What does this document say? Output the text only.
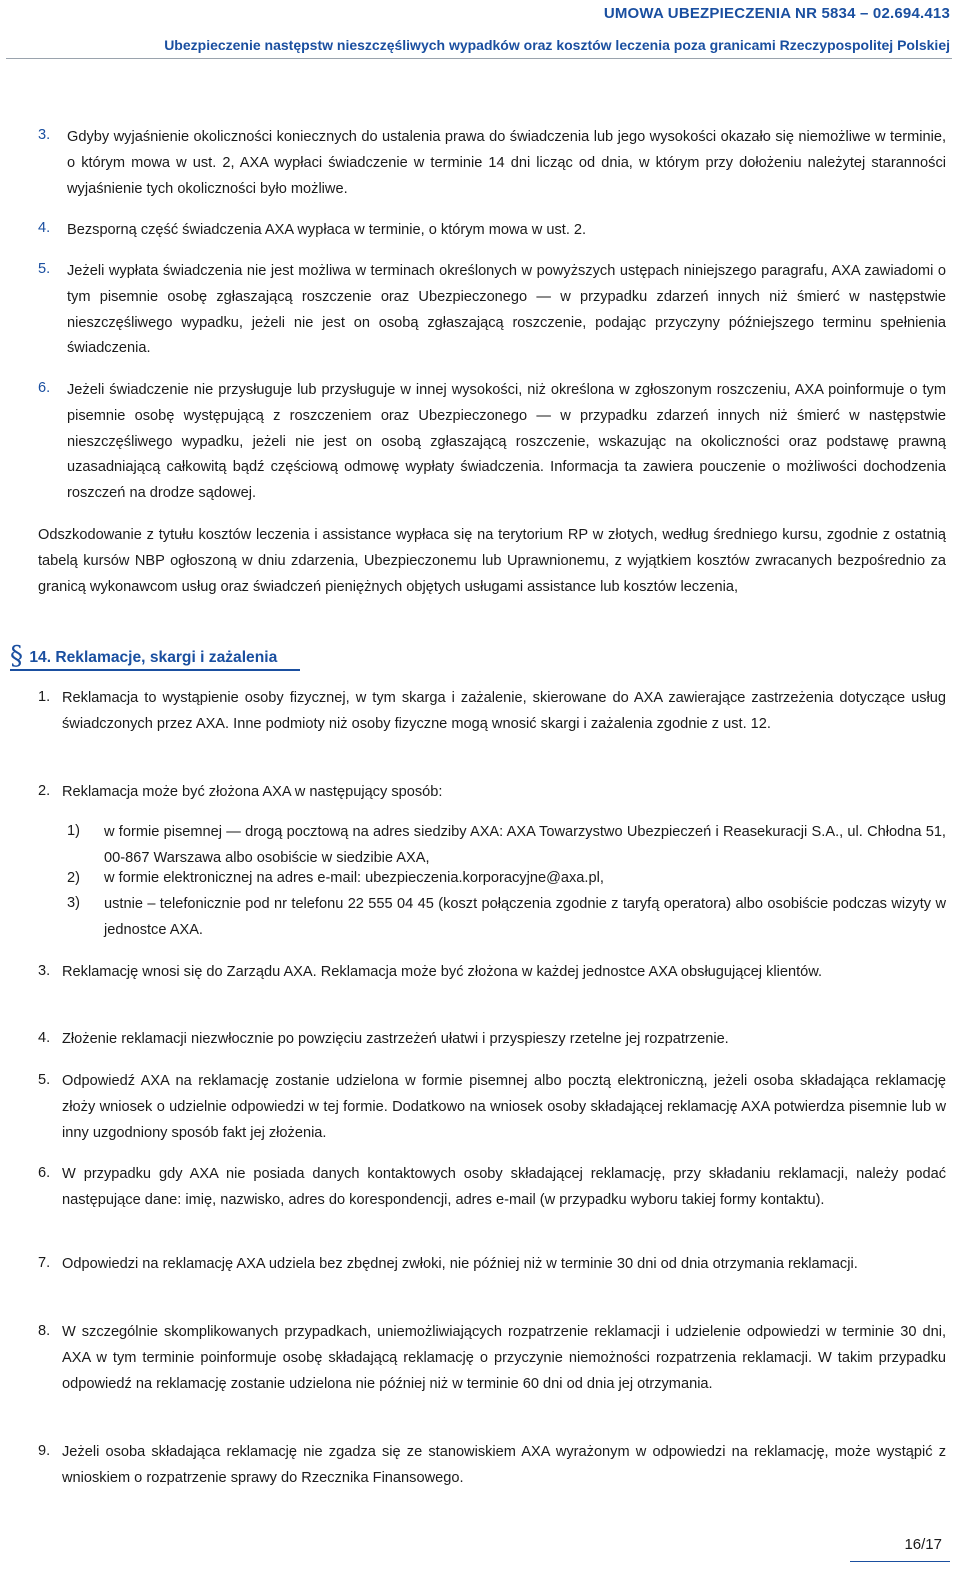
UMOWA UBEZPIECZENIA NR 5834 – 02.694.413
Ubezpieczenie następstw nieszczęśliwych wypadków oraz kosztów leczenia poza granicami Rzeczypospolitej Polskiej
3. Gdyby wyjaśnienie okoliczności koniecznych do ustalenia prawa do świadczenia lub jego wysokości okazało się niemożliwe w terminie, o którym mowa w ust. 2, AXA wypłaci świadczenie w terminie 14 dni licząc od dnia, w którym przy dołożeniu należytej staranności wyjaśnienie tych okoliczności było możliwe.
4. Bezsporną część świadczenia AXA wypłaca w terminie, o którym mowa w ust. 2.
5. Jeżeli wypłata świadczenia nie jest możliwa w terminach określonych w powyższych ustępach niniejszego paragrafu, AXA zawiadomi o tym pisemnie osobę zgłaszającą roszczenie oraz Ubezpieczonego — w przypadku zdarzeń innych niż śmierć w następstwie nieszczęśliwego wypadku, jeżeli nie jest on osobą zgłaszającą roszczenie, podając przyczyny późniejszego terminu spełnienia świadczenia.
6. Jeżeli świadczenie nie przysługuje lub przysługuje w innej wysokości, niż określona w zgłoszonym roszczeniu, AXA poinformuje o tym pisemnie osobę występującą z roszczeniem oraz Ubezpieczonego — w przypadku zdarzeń innych niż śmierć w następstwie nieszczęśliwego wypadku, jeżeli nie jest on osobą zgłaszającą roszczenie, wskazując na okoliczności oraz podstawę prawną uzasadniającą całkowitą bądź częściową odmowę wypłaty świadczenia. Informacja ta zawiera pouczenie o możliwości dochodzenia roszczeń na drodze sądowej.
Odszkodowanie z tytułu kosztów leczenia i assistance wypłaca się na terytorium RP w złotych, według średniego kursu, zgodnie z ostatnią tabelą kursów NBP ogłoszoną w dniu zdarzenia, Ubezpieczonemu lub Uprawnionemu, z wyjątkiem kosztów zwracanych bezpośrednio za granicą wykonawcom usług oraz świadczeń pieniężnych objętych usługami assistance lub kosztów leczenia,
§ 14. Reklamacje, skargi i zażalenia
1. Reklamacja to wystąpienie osoby fizycznej, w tym skarga i zażalenie, skierowane do AXA zawierające zastrzeżenia dotyczące usług świadczonych przez AXA. Inne podmioty niż osoby fizyczne mogą wnosić skargi i zażalenia zgodnie z ust. 12.
2. Reklamacja może być złożona AXA w następujący sposób:
1) w formie pisemnej — drogą pocztową na adres siedziby AXA: AXA Towarzystwo Ubezpieczeń i Reasekuracji S.A., ul. Chłodna 51, 00-867 Warszawa albo osobiście w siedzibie AXA,
2) w formie elektronicznej na adres e-mail: ubezpieczenia.korporacyjne@axa.pl,
3) ustnie – telefonicznie pod nr telefonu 22 555 04 45 (koszt połączenia zgodnie z taryfą operatora) albo osobiście podczas wizyty w jednostce AXA.
3. Reklamację wnosi się do Zarządu AXA. Reklamacja może być złożona w każdej jednostce AXA obsługującej klientów.
4. Złożenie reklamacji niezwłocznie po powzięciu zastrzeżeń ułatwi i przyspieszy rzetelne jej rozpatrzenie.
5. Odpowiedź AXA na reklamację zostanie udzielona w formie pisemnej albo pocztą elektroniczną, jeżeli osoba składająca reklamację złoży wniosek o udzielnie odpowiedzi w tej formie. Dodatkowo na wniosek osoby składającej reklamację AXA potwierdza pisemnie lub w inny uzgodniony sposób fakt jej złożenia.
6. W przypadku gdy AXA nie posiada danych kontaktowych osoby składającej reklamację, przy składaniu reklamacji, należy podać następujące dane: imię, nazwisko, adres do korespondencji, adres e-mail (w przypadku wyboru takiej formy kontaktu).
7. Odpowiedzi na reklamację AXA udziela bez zbędnej zwłoki, nie później niż w terminie 30 dni od dnia otrzymania reklamacji.
8. W szczególnie skomplikowanych przypadkach, uniemożliwiających rozpatrzenie reklamacji i udzielenie odpowiedzi w terminie 30 dni, AXA w tym terminie poinformuje osobę składającą reklamację o przyczynie niemożności rozpatrzenia reklamacji. W takim przypadku odpowiedź na reklamację zostanie udzielona nie później niż w terminie 60 dni od dnia jej otrzymania.
9. Jeżeli osoba składająca reklamację nie zgadza się ze stanowiskiem AXA wyrażonym w odpowiedzi na reklamację, może wystąpić z wnioskiem o rozpatrzenie sprawy do Rzecznika Finansowego.
16/17
